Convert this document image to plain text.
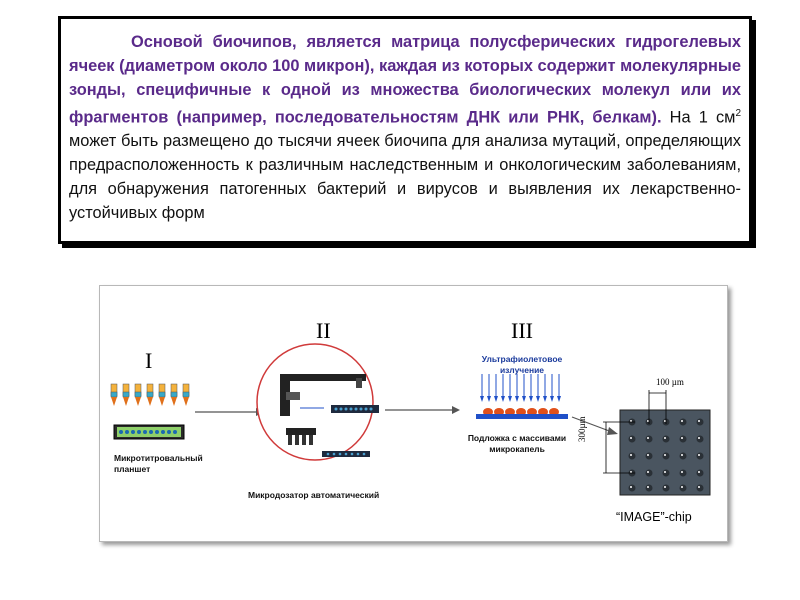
Основой биочипов, является матрица полусферических гидрогелевых ячеек (диаметром около 100 микрон), каждая из которых содержит молекулярные зонды, специфичные к одной из множества биологических молекул или их фрагментов (например, последовательностям ДНК или РНК, белкам). На 1 $см^2$ может быть размещено до тысячи ячеек биочипа для анализа мутаций, определяющих предрасположенность к различным наследственным и онкологическим заболеваниям, для обнаружения патогенных бактерий и вирусов и выявления их лекарственно-устойчивых форм
I
II	III
Микротитровальный
планшет
Микродозатор автоматический
Ультрафиолетовое
излучение
Подложка с массивами
микрокапель
100 µm
300µm
“IMAGE”-chip
